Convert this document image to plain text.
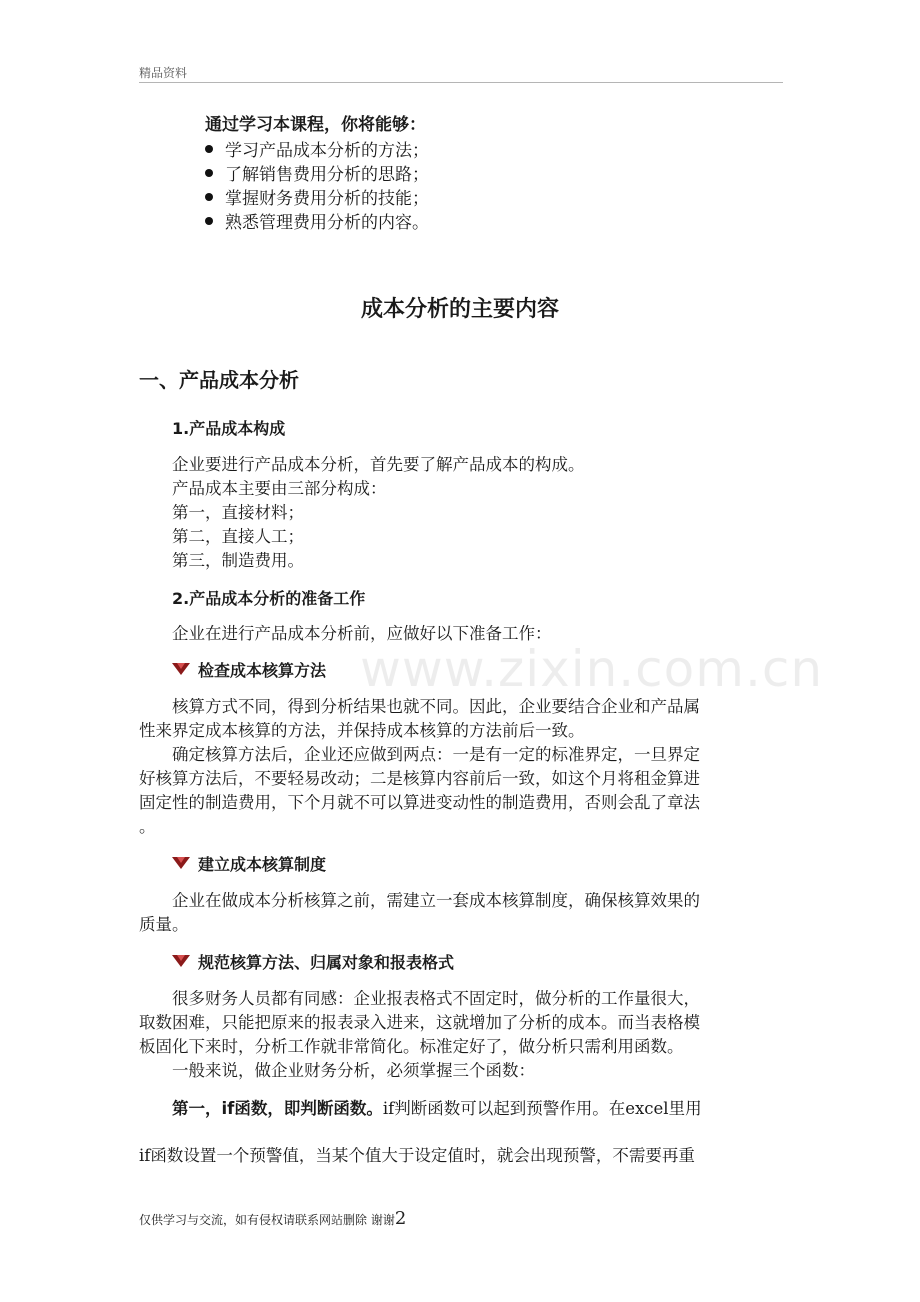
精品资料
通过学习本课程，你将能够：
学习产品成本分析的方法；
了解销售费用分析的思路；
掌握财务费用分析的技能；
熟悉管理费用分析的内容。
成本分析的主要内容
一、产品成本分析
1.产品成本构成
企业要进行产品成本分析，首先要了解产品成本的构成。
产品成本主要由三部分构成：
第一，直接材料；
第二，直接人工；
第三，制造费用。
2.产品成本分析的准备工作
企业在进行产品成本分析前，应做好以下准备工作：
www.zixin.com.cn
检查成本核算方法
核算方式不同，得到分析结果也就不同。因此，企业要结合企业和产品属
性来界定成本核算的方法，并保持成本核算的方法前后一致。
确定核算方法后，企业还应做到两点：一是有一定的标准界定，一旦界定
好核算方法后，不要轻易改动；二是核算内容前后一致，如这个月将租金算进
固定性的制造费用，下个月就不可以算进变动性的制造费用，否则会乱了章法
。
建立成本核算制度
企业在做成本分析核算之前，需建立一套成本核算制度，确保核算效果的
质量。
规范核算方法、归属对象和报表格式
很多财务人员都有同感：企业报表格式不固定时，做分析的工作量很大，
取数困难，只能把原来的报表录入进来，这就增加了分析的成本。而当表格模
板固化下来时，分析工作就非常简化。标准定好了，做分析只需利用函数。
一般来说，做企业财务分析，必须掌握三个函数：
第一，if函数，即判断函数。if判断函数可以起到预警作用。在excel里用
if函数设置一个预警值，当某个值大于设定值时，就会出现预警，不需要再重
仅供学习与交流，如有侵权请联系网站删除 谢谢2
